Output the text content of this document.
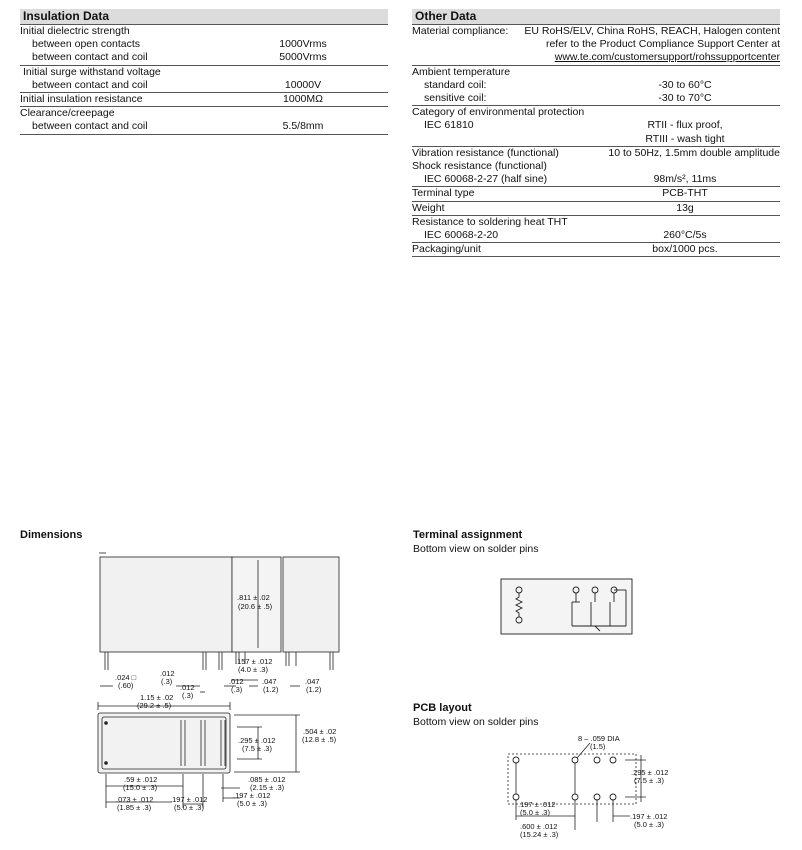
Insulation Data
Initial dielectric strength
between open contacts	1000Vrms
between contact and coil	5000Vrms
Initial surge withstand voltage
between contact and coil	10000V
Initial insulation resistance	1000MΩ
Clearance/creepage
between contact and coil	5.5/8mm
Other Data
Material compliance:	EU RoHS/ELV, China RoHS, REACH, Halogen content
refer to the Product Compliance Support Center at
www.te.com/customersupport/rohssupportcenter
Ambient temperature
standard coil:	-30 to 60°C
sensitive coil:	-30 to 70°C
Category of environmental protection
IEC 61810	RTII - flux proof,
RTIII - wash tight
Vibration resistance (functional)	10 to 50Hz, 1.5mm double amplitude
Shock resistance (functional)
IEC 60068-2-27 (half sine)	98m/s², 11ms
Terminal type	PCB-THT
Weight	13g
Resistance to soldering heat THT
IEC 60068-2-20	260°C/5s
Packaging/unit	box/1000 pcs.
Dimensions	Terminal assignment
Bottom view on solder pins
PCB layout
Bottom view on solder pins
.811 ± .02
(20.6 ± .5)
.024 □
(.60)
.012
(.3)
.012
(.3)
.157 ± .012
(4.0 ± .3)
.012
(.3)
.047
(1.2)
.047
(1.2)
1.15 ± .02
(29.2 ± .5)
.504 ± .02
(12.8 ± .5)
.295 ± .012
(7.5 ± .3)
.59 ± .012
(15.0 ± .3)
.085 ± .012
(2.15 ± .3)
.073 ± .012
(1.85 ± .3)
.197 ± .012
(5.0 ± .3)
.197 ± .012
(5.0 ± .3)
8 – .059 DIA
(1.5)
.295 ± .012
(7.5 ± .3)
.197 ± .012
(5.0 ± .3)
.600 ± .012
(15.24 ± .3)
.197 ± .012
(5.0 ± .3)
